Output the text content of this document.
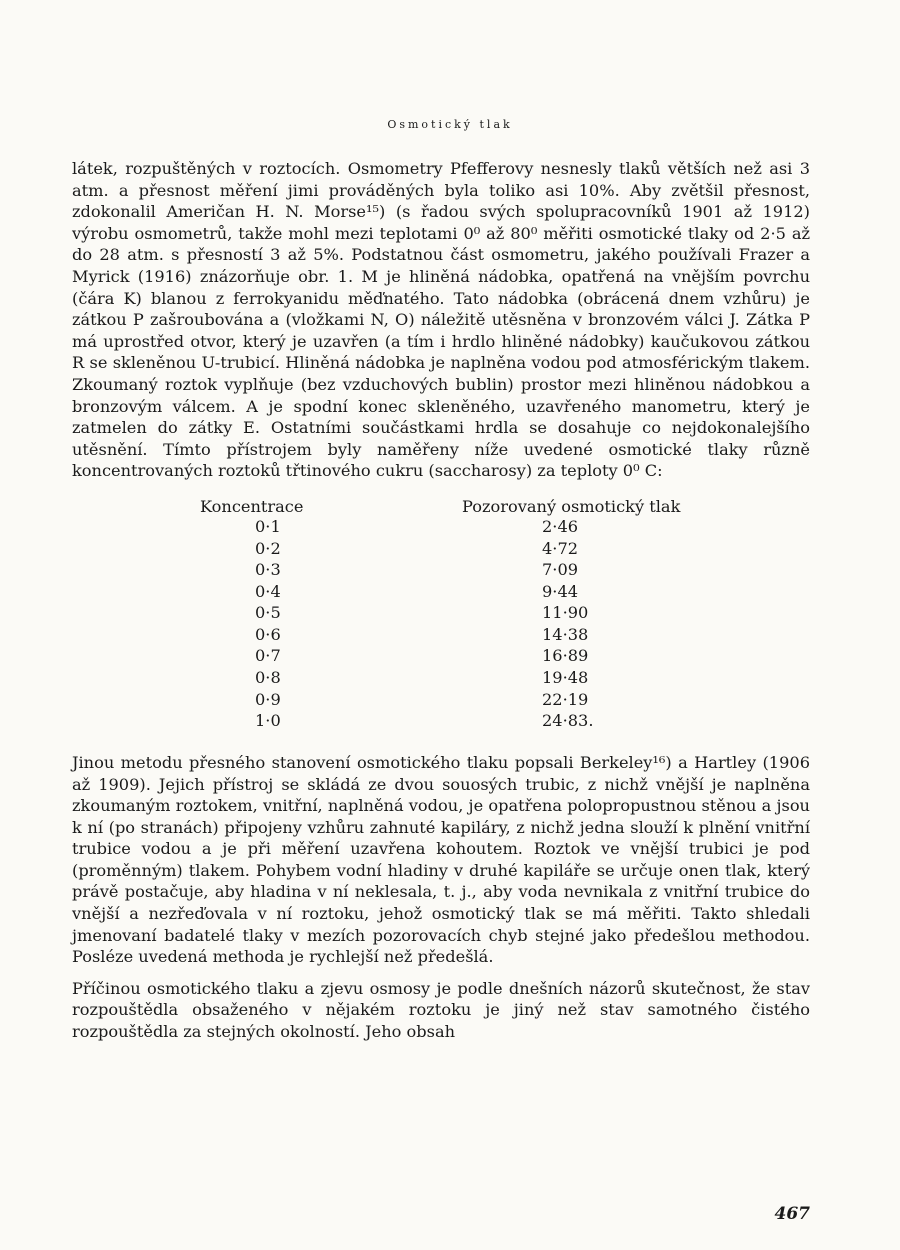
Osmotický tlak

látek, rozpuštěných v roztocích. Osmometry Pfefferovy nesnesly tlaků větších než asi 3 atm. a přesnost měření jimi prováděných byla toliko asi 10%. Aby zvětšil přesnost, zdokonalil Američan H. N. Morse¹⁵) (s řadou svých spolupracovníků 1901 až 1912) výrobu osmometrů, takže mohl mezi teplotami 0⁰ až 80⁰ měřiti osmotické tlaky od 2·5 až do 28 atm. s přesností 3 až 5%. Podstatnou část osmometru, jakého používali Frazer a Myrick (1916) znázorňuje obr. 1. M je hliněná nádobka, opatřená na vnějším povrchu (čára K) blanou z ferrokyanidu měďnatého. Tato nádobka (obrácená dnem vzhůru) je zátkou P zašroubována a (vložkami N, O) náležitě utěsněna v bronzovém válci J. Zátka P má uprostřed otvor, který je uzavřen (a tím i hrdlo hliněné nádobky) kaučukovou zátkou R se skleněnou U-trubicí. Hliněná nádobka je naplněna vodou pod atmosférickým tlakem. Zkoumaný roztok vyplňuje (bez vzduchových bublin) prostor mezi hliněnou nádobkou a bronzovým válcem. A je spodní konec skleněného, uzavřeného manometru, který je zatmelen do zátky E. Ostatními součástkami hrdla se dosahuje co nejdokonalejšího utěsnění. Tímto přístrojem byly naměřeny níže uvedené osmotické tlaky různě koncentrovaných roztoků třtinového cukru (saccharosy) za teploty 0⁰ C:

Koncentrace	Pozorovaný osmotický tlak
0·1
0·2
0·3
0·4
0·5
0·6
0·7
0·8
0·9
1·0
2·46
4·72
7·09
9·44
11·90
14·38
16·89
19·48
22·19
24·83.

Jinou metodu přesného stanovení osmotického tlaku popsali Berkeley¹⁶) a Hartley (1906 až 1909). Jejich přístroj se skládá ze dvou souosých trubic, z nichž vnější je naplněna zkoumaným roztokem, vnitřní, naplněná vodou, je opatřena polopropustnou stěnou a jsou k ní (po stranách) připojeny vzhůru zahnuté kapiláry, z nichž jedna slouží k plnění vnitřní trubice vodou a je při měření uzavřena kohoutem. Roztok ve vnější trubici je pod (proměnným) tlakem. Pohybem vodní hladiny v druhé kapiláře se určuje onen tlak, který právě postačuje, aby hladina v ní neklesala, t. j., aby voda nevnikala z vnitřní trubice do vnější a nezřeďovala v ní roztoku, jehož osmotický tlak se má měřiti. Takto shledali jmenovaní badatelé tlaky v mezích pozorovacích chyb stejné jako předešlou methodou. Posléze uvedená methoda je rychlejší než předešlá.

Příčinou osmotického tlaku a zjevu osmosy je podle dnešních názorů skutečnost, že stav rozpouštědla obsaženého v nějakém roztoku je jiný než stav samotného čistého rozpouštědla za stejných okolností. Jeho obsah

467
